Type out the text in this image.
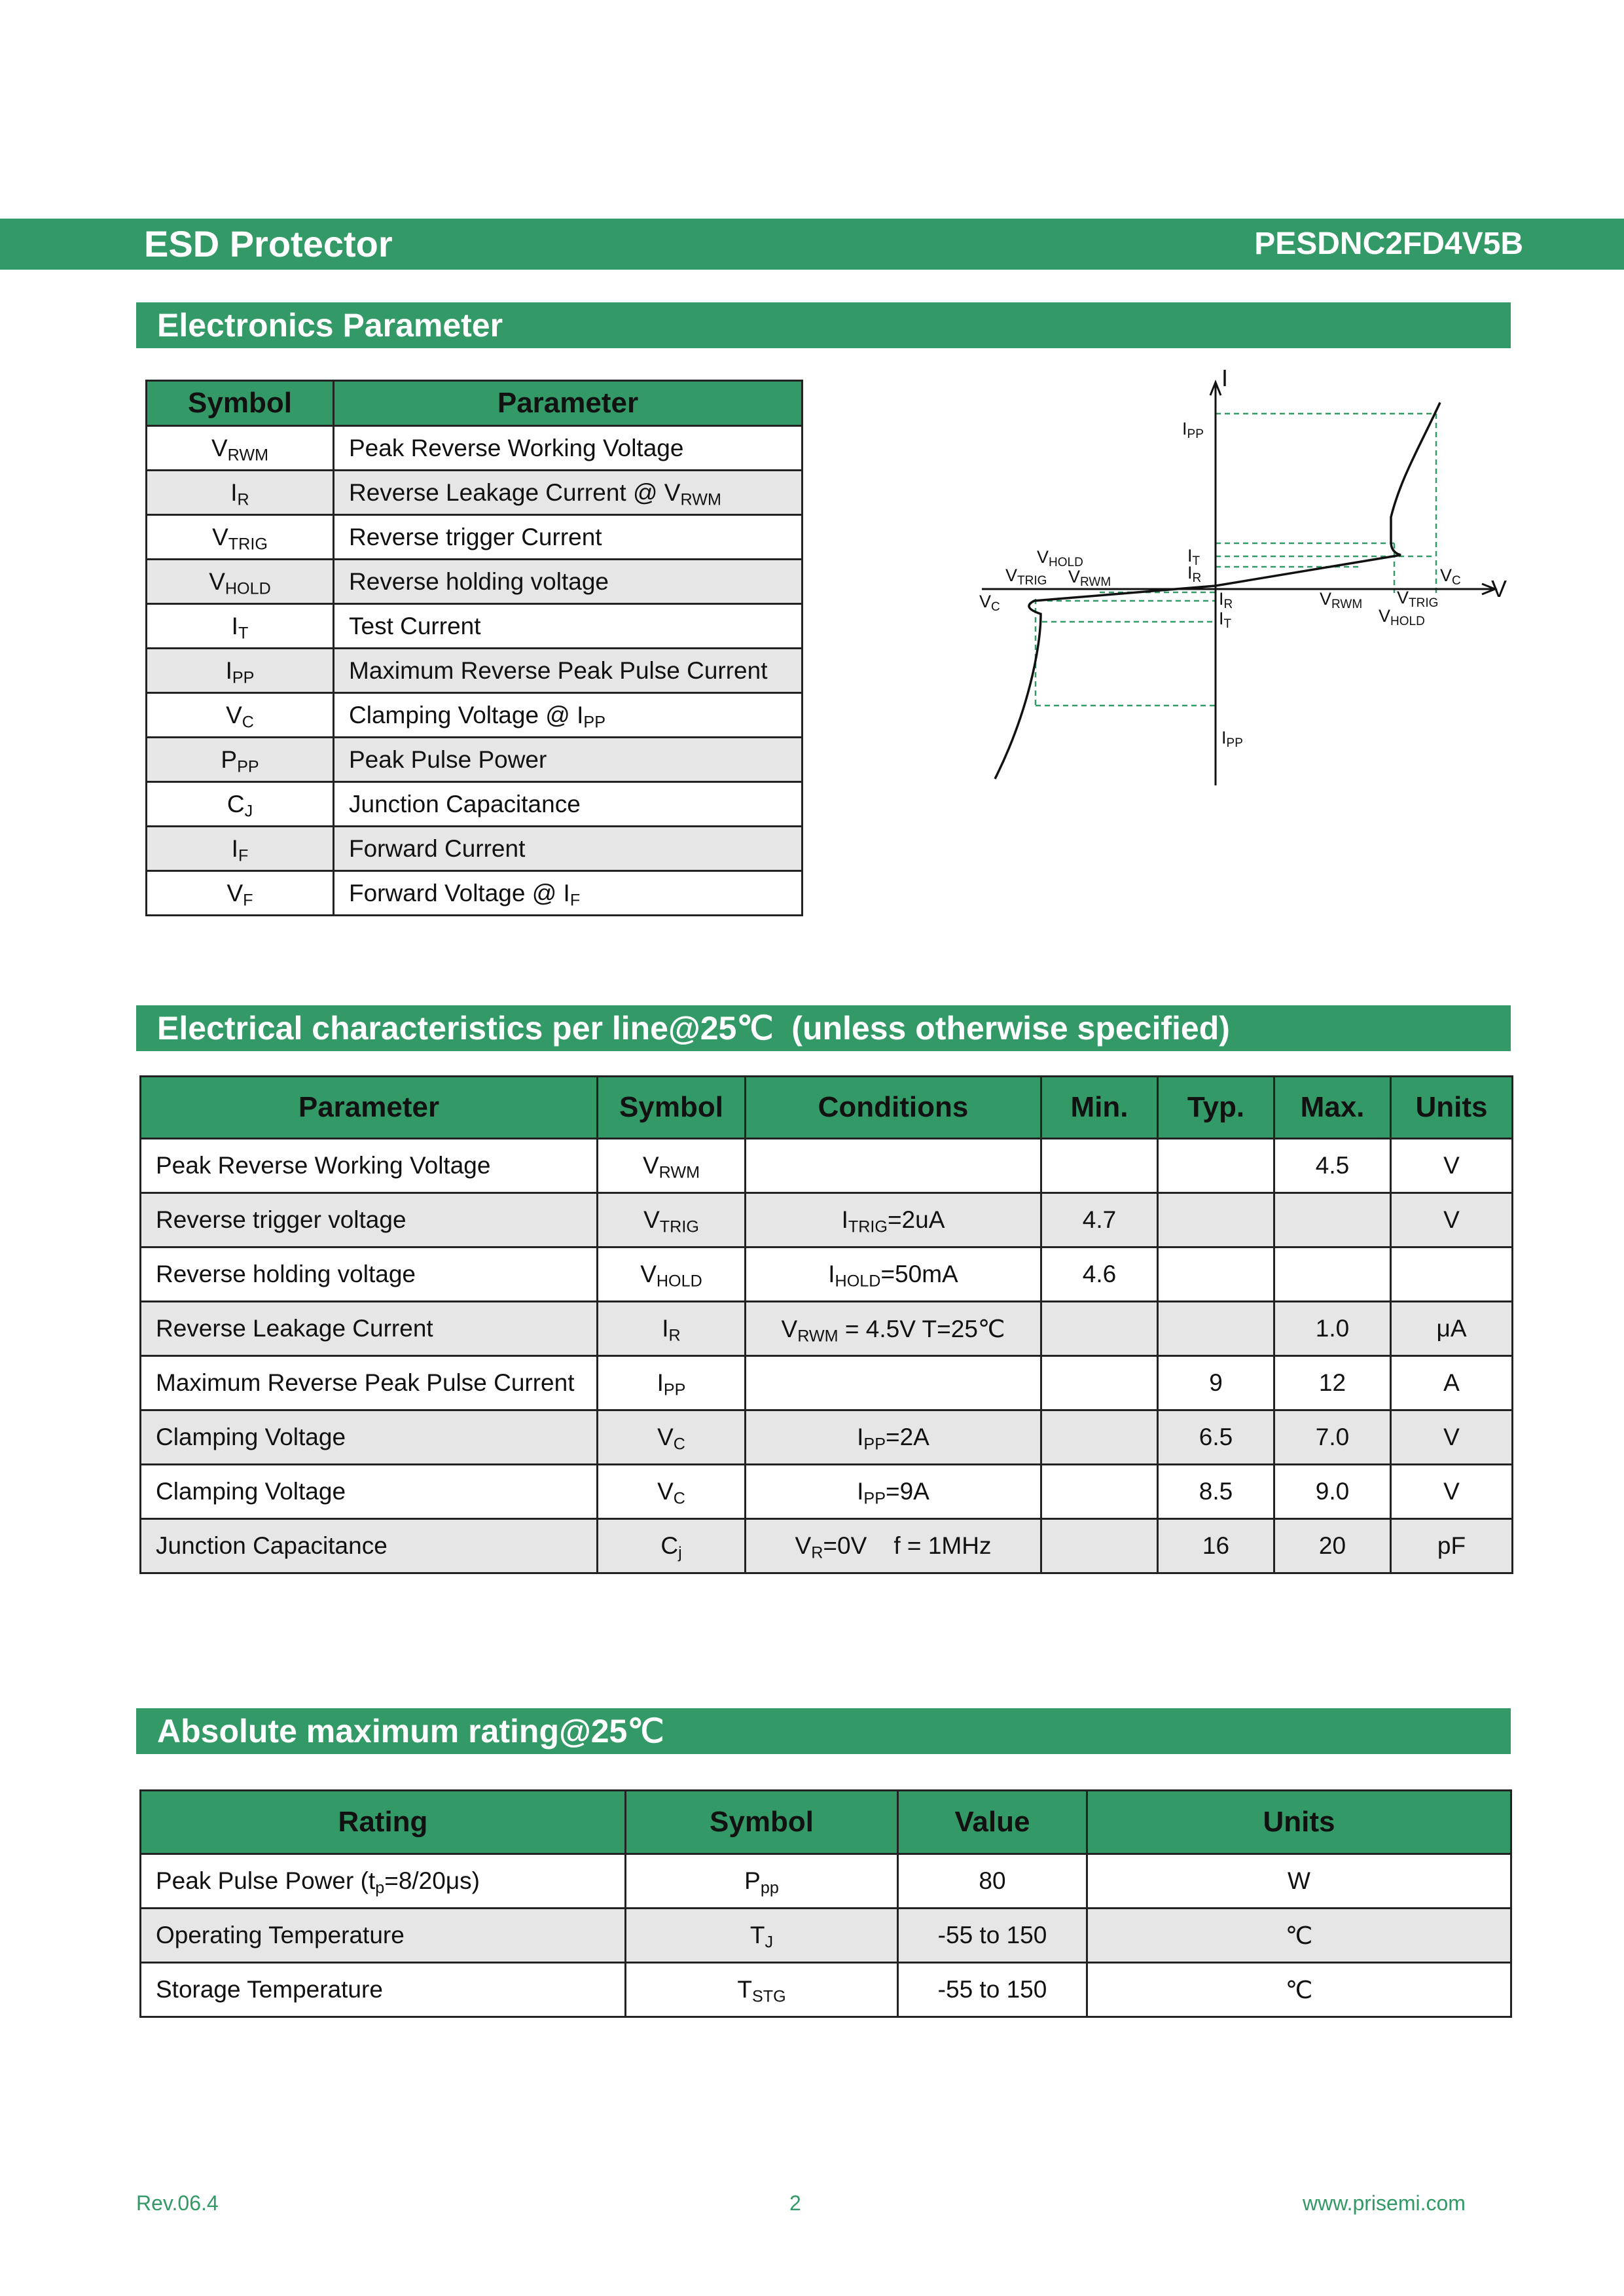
ESD Protector	PESDNC2FD4V5B
Electronics Parameter
Symbol	Parameter
$V_{RWM}$	Peak Reverse Working Voltage
$I_R$	Reverse Leakage Current @ $V_{RWM}$
$V_{TRIG}$	Reverse trigger Current
$V_{HOLD}$	Reverse holding voltage
$I_T$	Test Current
$I_{PP}$	Maximum Reverse Peak Pulse Current
$V_C$	Clamping Voltage @ $I_{PP}$
$P_{PP}$	Peak Pulse Power
$C_J$	Junction Capacitance
$I_F$	Forward Current
$V_F$	Forward Voltage @ $I_F$
I
V
IPP
VHOLD
VTRIG VRWM
IT
IR	VC
VC	IR
IT
VRWM VTRIG
VHOLD
IPP
Electrical characteristics per line@25℃  (unless otherwise specified)
Parameter	Symbol	Conditions	Min.	Typ.	Max.	Units
Peak Reverse Working Voltage	$V_{RWM}$				4.5	V
Reverse trigger voltage	$V_{TRIG}$	$I_{TRIG}=2uA$	4.7			V
Reverse holding voltage	$V_{HOLD}$	$I_{HOLD}=50mA$	4.6			
Reverse Leakage Current	$I_R$	$V_{RWM} = 4.5V$ T=25℃			1.0	μA
Maximum Reverse Peak Pulse Current	$I_{PP}$			9	12	A
Clamping Voltage	$V_C$	$I_{PP}=2A$		6.5	7.0	V
Clamping Voltage	$V_C$	$I_{PP}=9A$		8.5	9.0	V
Junction Capacitance	$C_j$	$V_R=0V$    f = 1MHz		16	20	pF
Absolute maximum rating@25℃
Rating	Symbol	Value	Units
Peak Pulse Power $(t_p=8/20\mu s)$	$P_{pp}$	80	W
Operating Temperature	$T_J$	-55 to 150	℃
Storage Temperature	$T_{STG}$	-55 to 150	℃
Rev.06.4	2	www.prisemi.com
